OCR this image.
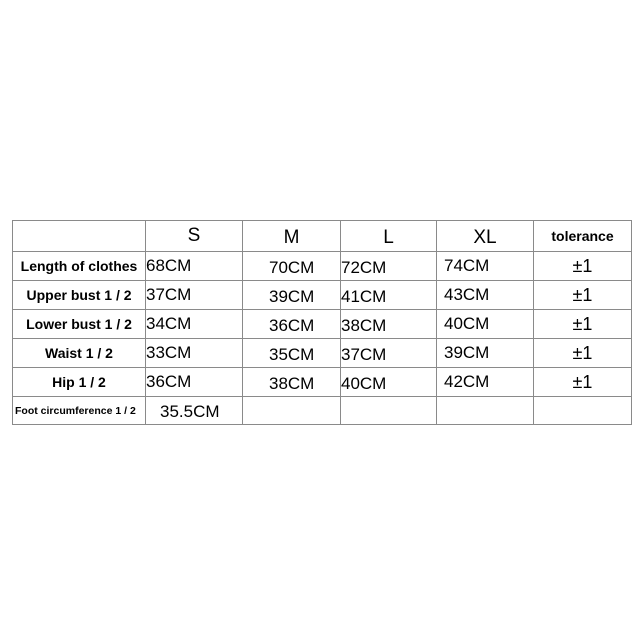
	S	M	L	XL	tolerance
Length of clothes	68CM	70CM	72CM	74CM	±1
Upper bust 1 / 2	37CM	39CM	41CM	43CM	±1
Lower bust 1 / 2	34CM	36CM	38CM	40CM	±1
Waist 1 / 2	33CM	35CM	37CM	39CM	±1
Hip 1 / 2	36CM	38CM	40CM	42CM	±1
Foot circumference 1 / 2	35.5CM				
